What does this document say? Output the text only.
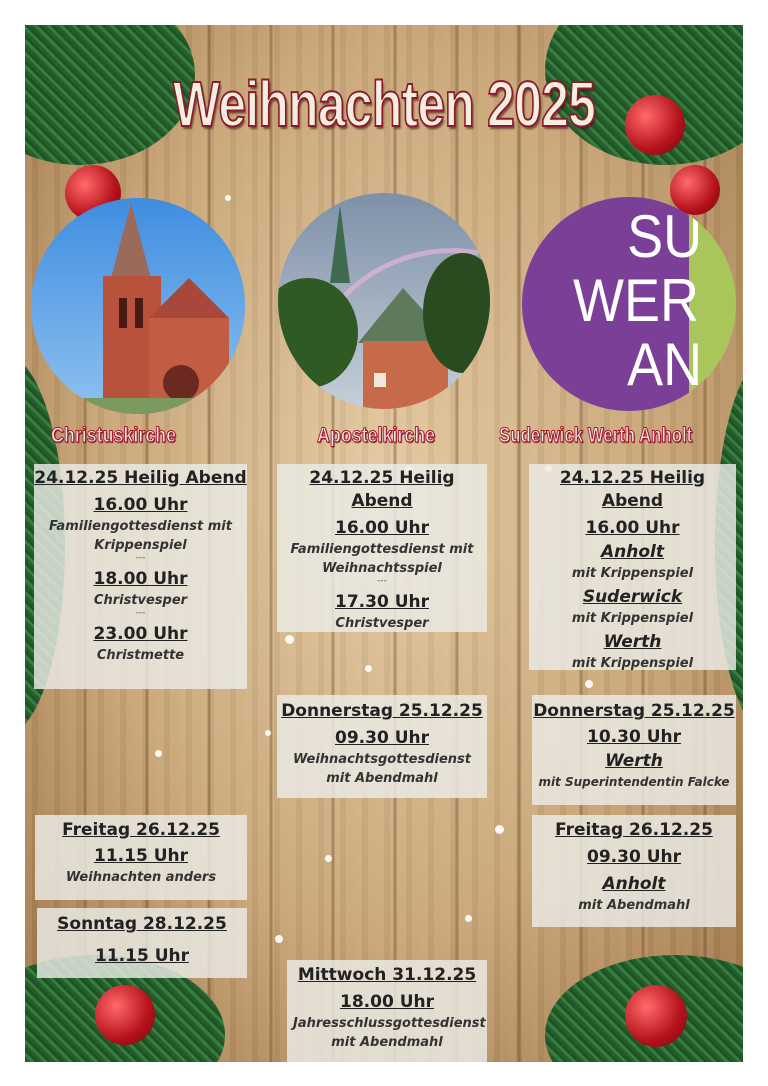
Weihnachten 2025
SU
WER
AN
Christuskirche	Apostelkirche	Suderwick Werth Anholt
24.12.25 Heilig Abend
16.00 Uhr
Familiengottesdienst mit Krippenspiel
---
18.00 Uhr
Christvesper
---
23.00 Uhr
Christmette
24.12.25 Heilig Abend
16.00 Uhr
Familiengottesdienst mit Weihnachtsspiel
---
17.30 Uhr
Christvesper
24.12.25 Heilig Abend
16.00 Uhr
Anholt
mit Krippenspiel
Suderwick
mit Krippenspiel
Werth
mit Krippenspiel
Donnerstag 25.12.25
09.30 Uhr
Weihnachtsgottesdienst mit Abendmahl
Donnerstag 25.12.25
10.30 Uhr
Werth
mit Superintendentin Falcke
Freitag 26.12.25
11.15 Uhr
Weihnachten anders
Freitag 26.12.25
09.30 Uhr
Anholt
mit Abendmahl
Sonntag 28.12.25
11.15 Uhr
Mittwoch 31.12.25
18.00 Uhr
Jahresschlussgottesdienst mit Abendmahl
